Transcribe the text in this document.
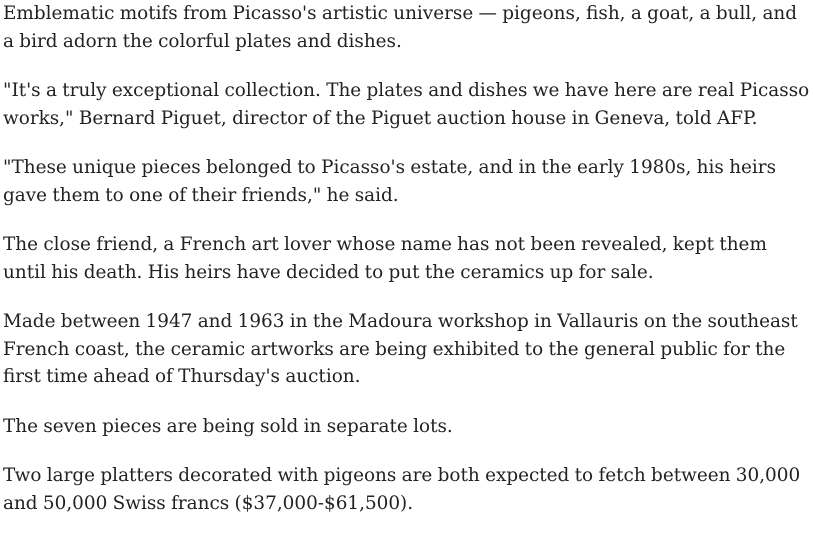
Emblematic motifs from Picasso's artistic universe — pigeons, fish, a goat, a bull, and a bird adorn the colorful plates and dishes.

"It's a truly exceptional collection. The plates and dishes we have here are real Picasso works," Bernard Piguet, director of the Piguet auction house in Geneva, told AFP.

"These unique pieces belonged to Picasso's estate, and in the early 1980s, his heirs gave them to one of their friends," he said.

The close friend, a French art lover whose name has not been revealed, kept them until his death. His heirs have decided to put the ceramics up for sale.

Made between 1947 and 1963 in the Madoura workshop in Vallauris on the southeast French coast, the ceramic artworks are being exhibited to the general public for the first time ahead of Thursday's auction.

The seven pieces are being sold in separate lots.

Two large platters decorated with pigeons are both expected to fetch between 30,000 and 50,000 Swiss francs ($37,000-$61,500).
